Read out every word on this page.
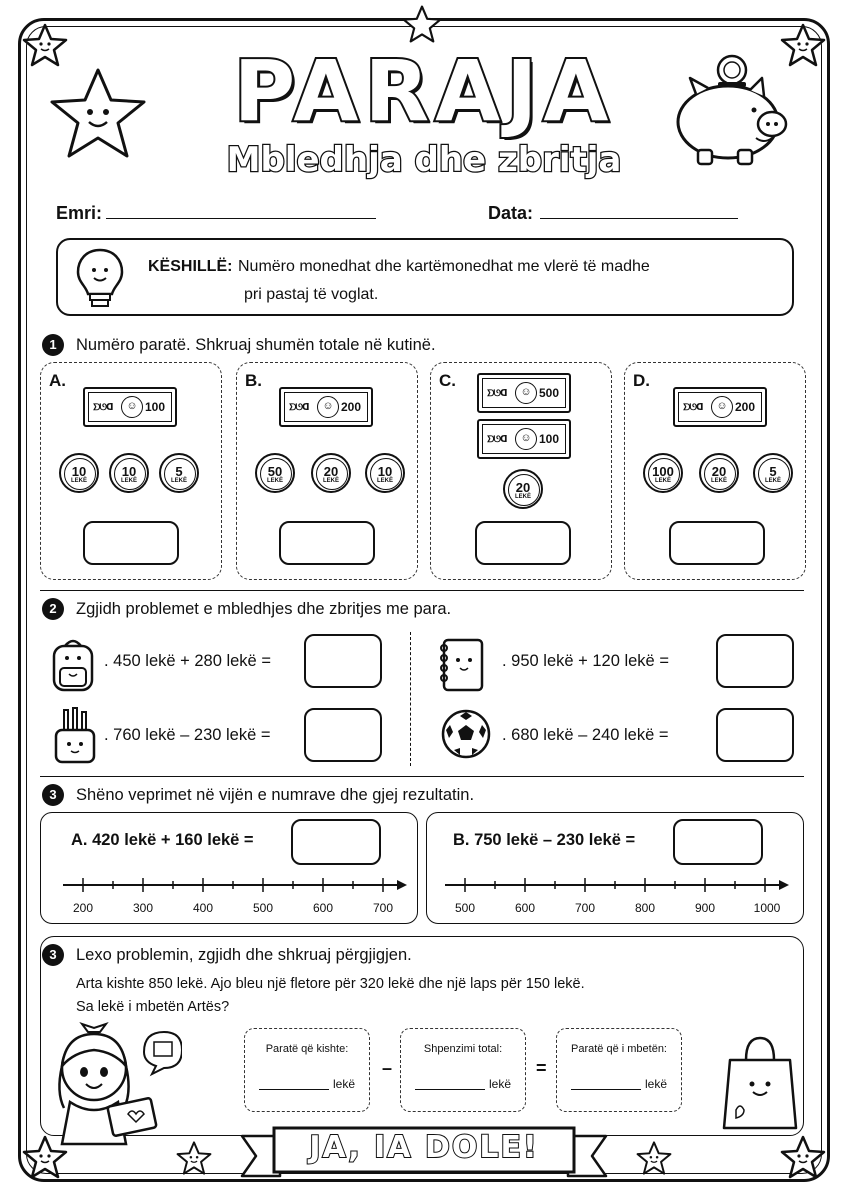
PARAJA
Mbledhja dhe zbritja
Emri:	Data:
KËSHILLË: Numëro monedhat dhe kartëmonedhat me vlerë të madhe
pri pastaj të voglat.
1	Numëro paratë. Shkruaj shumën totale në kutinë.
A.
ᗤᘎᗡ	☺ 100
10
LEKË
10
LEKË
5
LEKË
B.
ᗤᘎᗡ	☺ 200
50
LEKË
20
LEKË
10
LEKË
C.
ᗤᘎᗡ	☺ 500
ᗤᘎᗡ	☺ 100
20
LEKË
D.
ᗤᘎᗡ	☺ 200
100
LEKË
20
LEKË
5
LEKË
2	Zgjidh problemet e mbledhjes dhe zbritjes me para.
. 450 lekë + 280 lekë =
. 760 lekë – 230 lekë =
. 950 lekë + 120 lekë =
. 680 lekë – 240 lekë =
3	Shëno veprimet në vijën e numrave dhe gjej rezultatin.
A. 420 lekë + 160 lekë =
200	300	400	500	600	700
B. 750 lekë – 230 lekë =
500	600	700	800	900	1000
3	Lexo problemin, zgjidh dhe shkruaj përgjigjen.
Arta kishte 850 lekë. Ajo bleu një fletore për 320 lekë dhe një laps për 150 lekë.
Sa lekë i mbetën Artës?
Paratë që kishte:
lekë
–
Shpenzimi total:
lekë
=
Paratë që i mbetën:
lekë
JA, IA DOLE!
